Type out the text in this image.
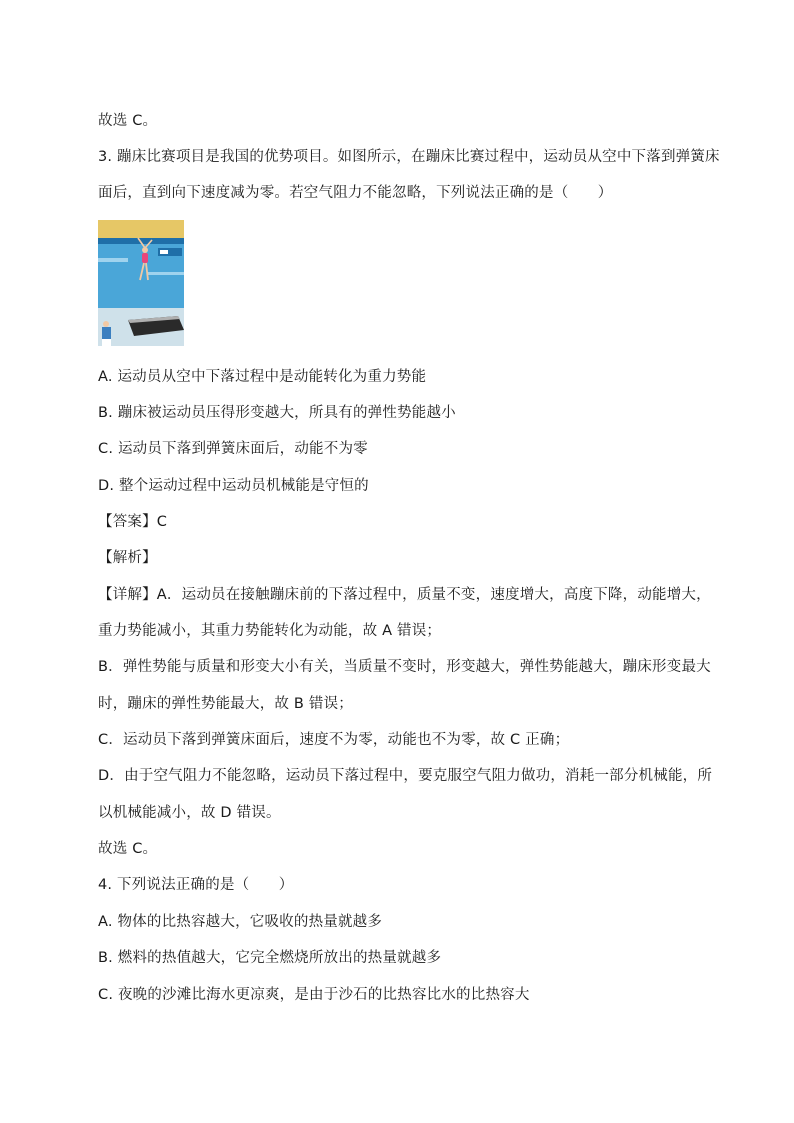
故选 C。
3. 蹦床比赛项目是我国的优势项目。如图所示，在蹦床比赛过程中，运动员从空中下落到弹簧床
面后，直到向下速度减为零。若空气阻力不能忽略，下列说法正确的是（　　）
A. 运动员从空中下落过程中是动能转化为重力势能
B. 蹦床被运动员压得形变越大，所具有的弹性势能越小
C. 运动员下落到弹簧床面后，动能不为零
D. 整个运动过程中运动员机械能是守恒的
【答案】C
【解析】
【详解】A．运动员在接触蹦床前的下落过程中，质量不变，速度增大，高度下降，动能增大，
重力势能减小，其重力势能转化为动能，故 A 错误；
B．弹性势能与质量和形变大小有关，当质量不变时，形变越大，弹性势能越大，蹦床形变最大
时，蹦床的弹性势能最大，故 B 错误；
C．运动员下落到弹簧床面后，速度不为零，动能也不为零，故 C 正确；
D．由于空气阻力不能忽略，运动员下落过程中，要克服空气阻力做功，消耗一部分机械能，所
以机械能减小，故 D 错误。
故选 C。
4. 下列说法正确的是（　　）
A. 物体的比热容越大，它吸收的热量就越多
B. 燃料的热值越大，它完全燃烧所放出的热量就越多
C. 夜晚的沙滩比海水更凉爽，是由于沙石的比热容比水的比热容大
